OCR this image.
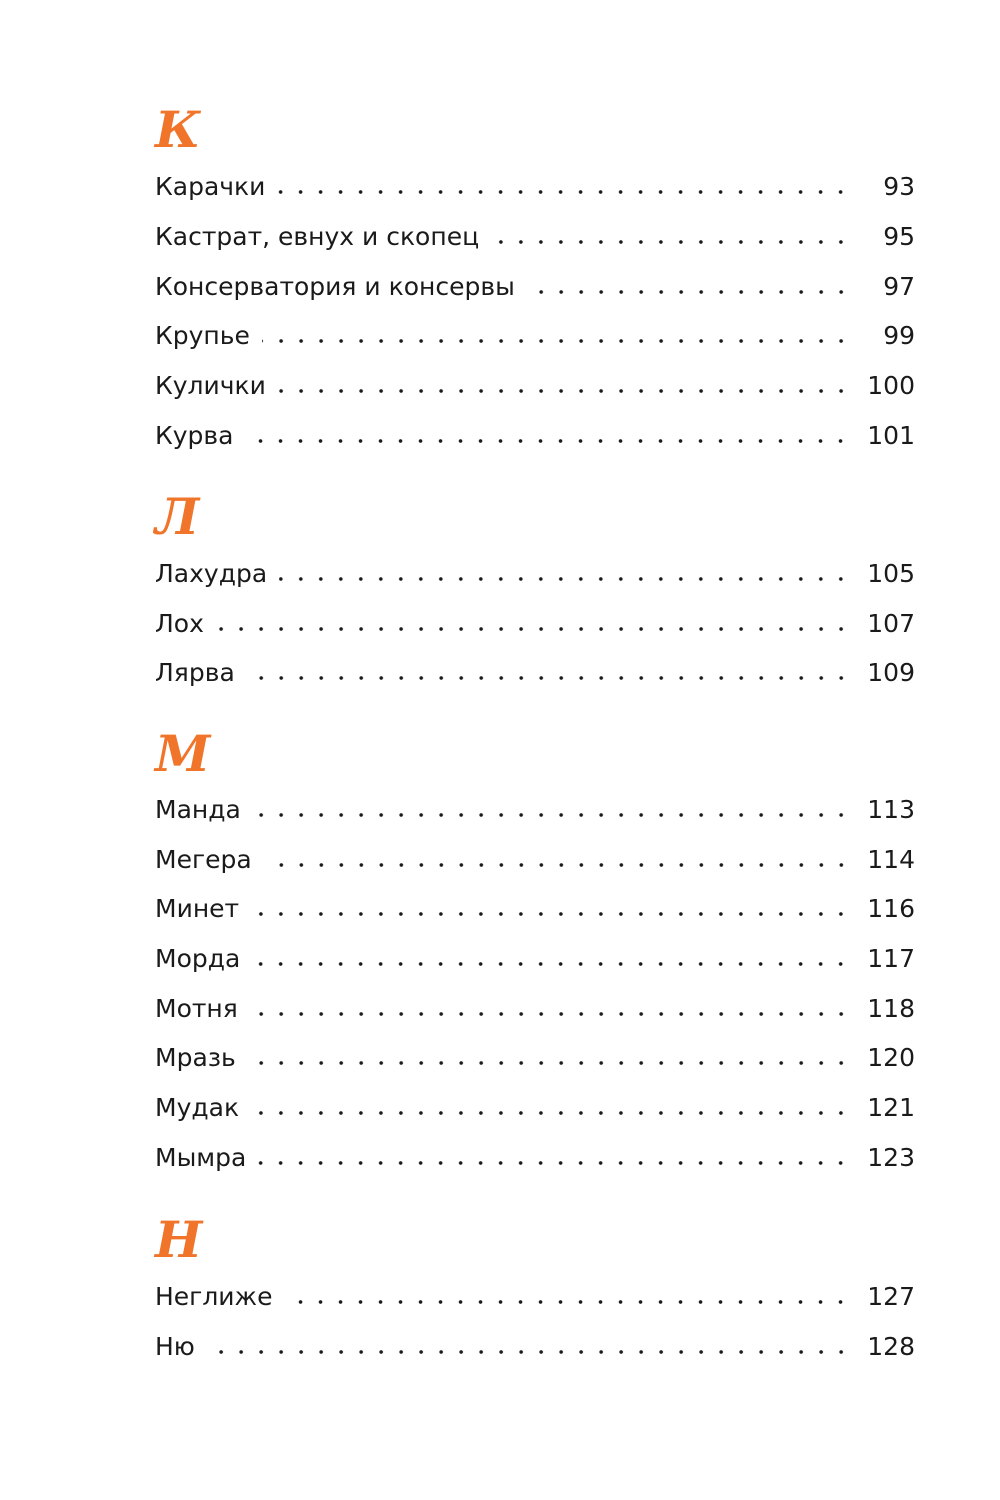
К
Карачки	93
Кастрат, евнух и скопец	95
Консерватория и консервы	97
Крупье	99
Кулички	100
Курва	101
Л
Лахудра	105
Лох	107
Лярва	109
М
Манда	113
Мегера	114
Минет	116
Морда	117
Мотня	118
Мразь	120
Мудак	121
Мымра	123
Н
Неглиже	127
Ню	128
